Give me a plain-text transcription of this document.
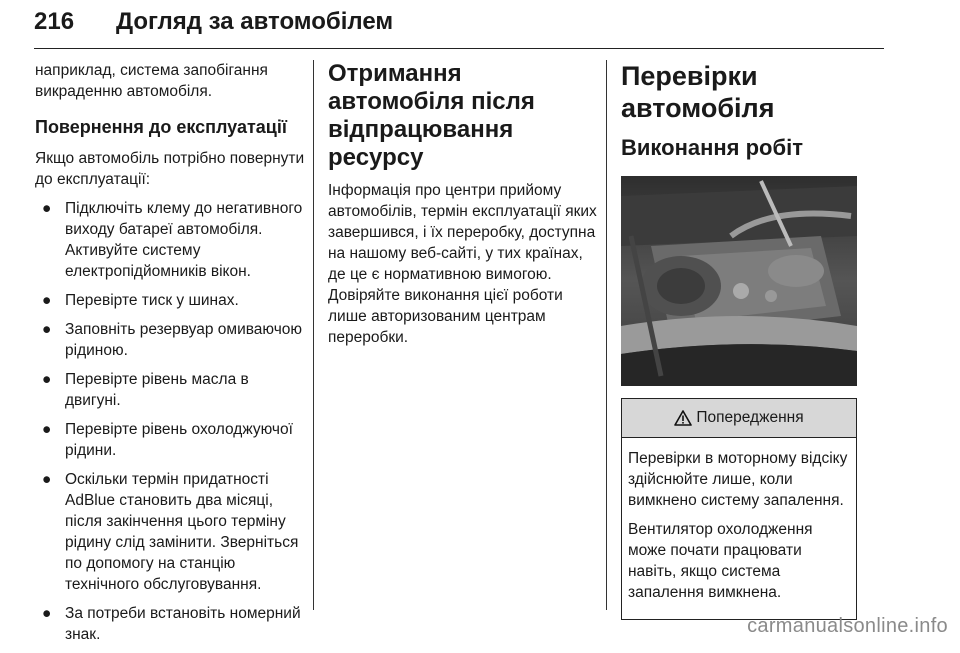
216 Догляд за автомобілем

наприклад, система запобігання викраденню автомобіля.

Повернення до експлуатації

Якщо автомобіль потрібно повернути до експлуатації:

● Підключіть клему до негативного виходу батареї автомобіля. Активуйте систему електропідйомників вікон.
● Перевірте тиск у шинах.
● Заповніть резервуар омиваючою рідиною.
● Перевірте рівень масла в двигуні.
● Перевірте рівень охолоджуючої рідини.
● Оскільки термін придатності AdBlue становить два місяці, після закінчення цього терміну рідину слід замінити. Зверніться по допомогу на станцію технічного обслуговування.
● За потреби встановіть номерний знак.
Отримання автомобіля після відпрацювання ресурсу

Інформація про центри прийому автомобілів, термін експлуатації яких завершився, і їх переробку, доступна на нашому веб-сайті, у тих країнах, де це є нормативною вимогою. Довіряйте виконання цієї роботи лише авторизованим центрам переробки.

Перевірки автомобіля
Виконання робіт
Попередження

Перевірки в моторному відсіку здійснюйте лише, коли вимкнено систему запалення.

Вентилятор охолодження може почати працювати навіть, якщо система запалення вимкнена.

carmanualsonline.info
